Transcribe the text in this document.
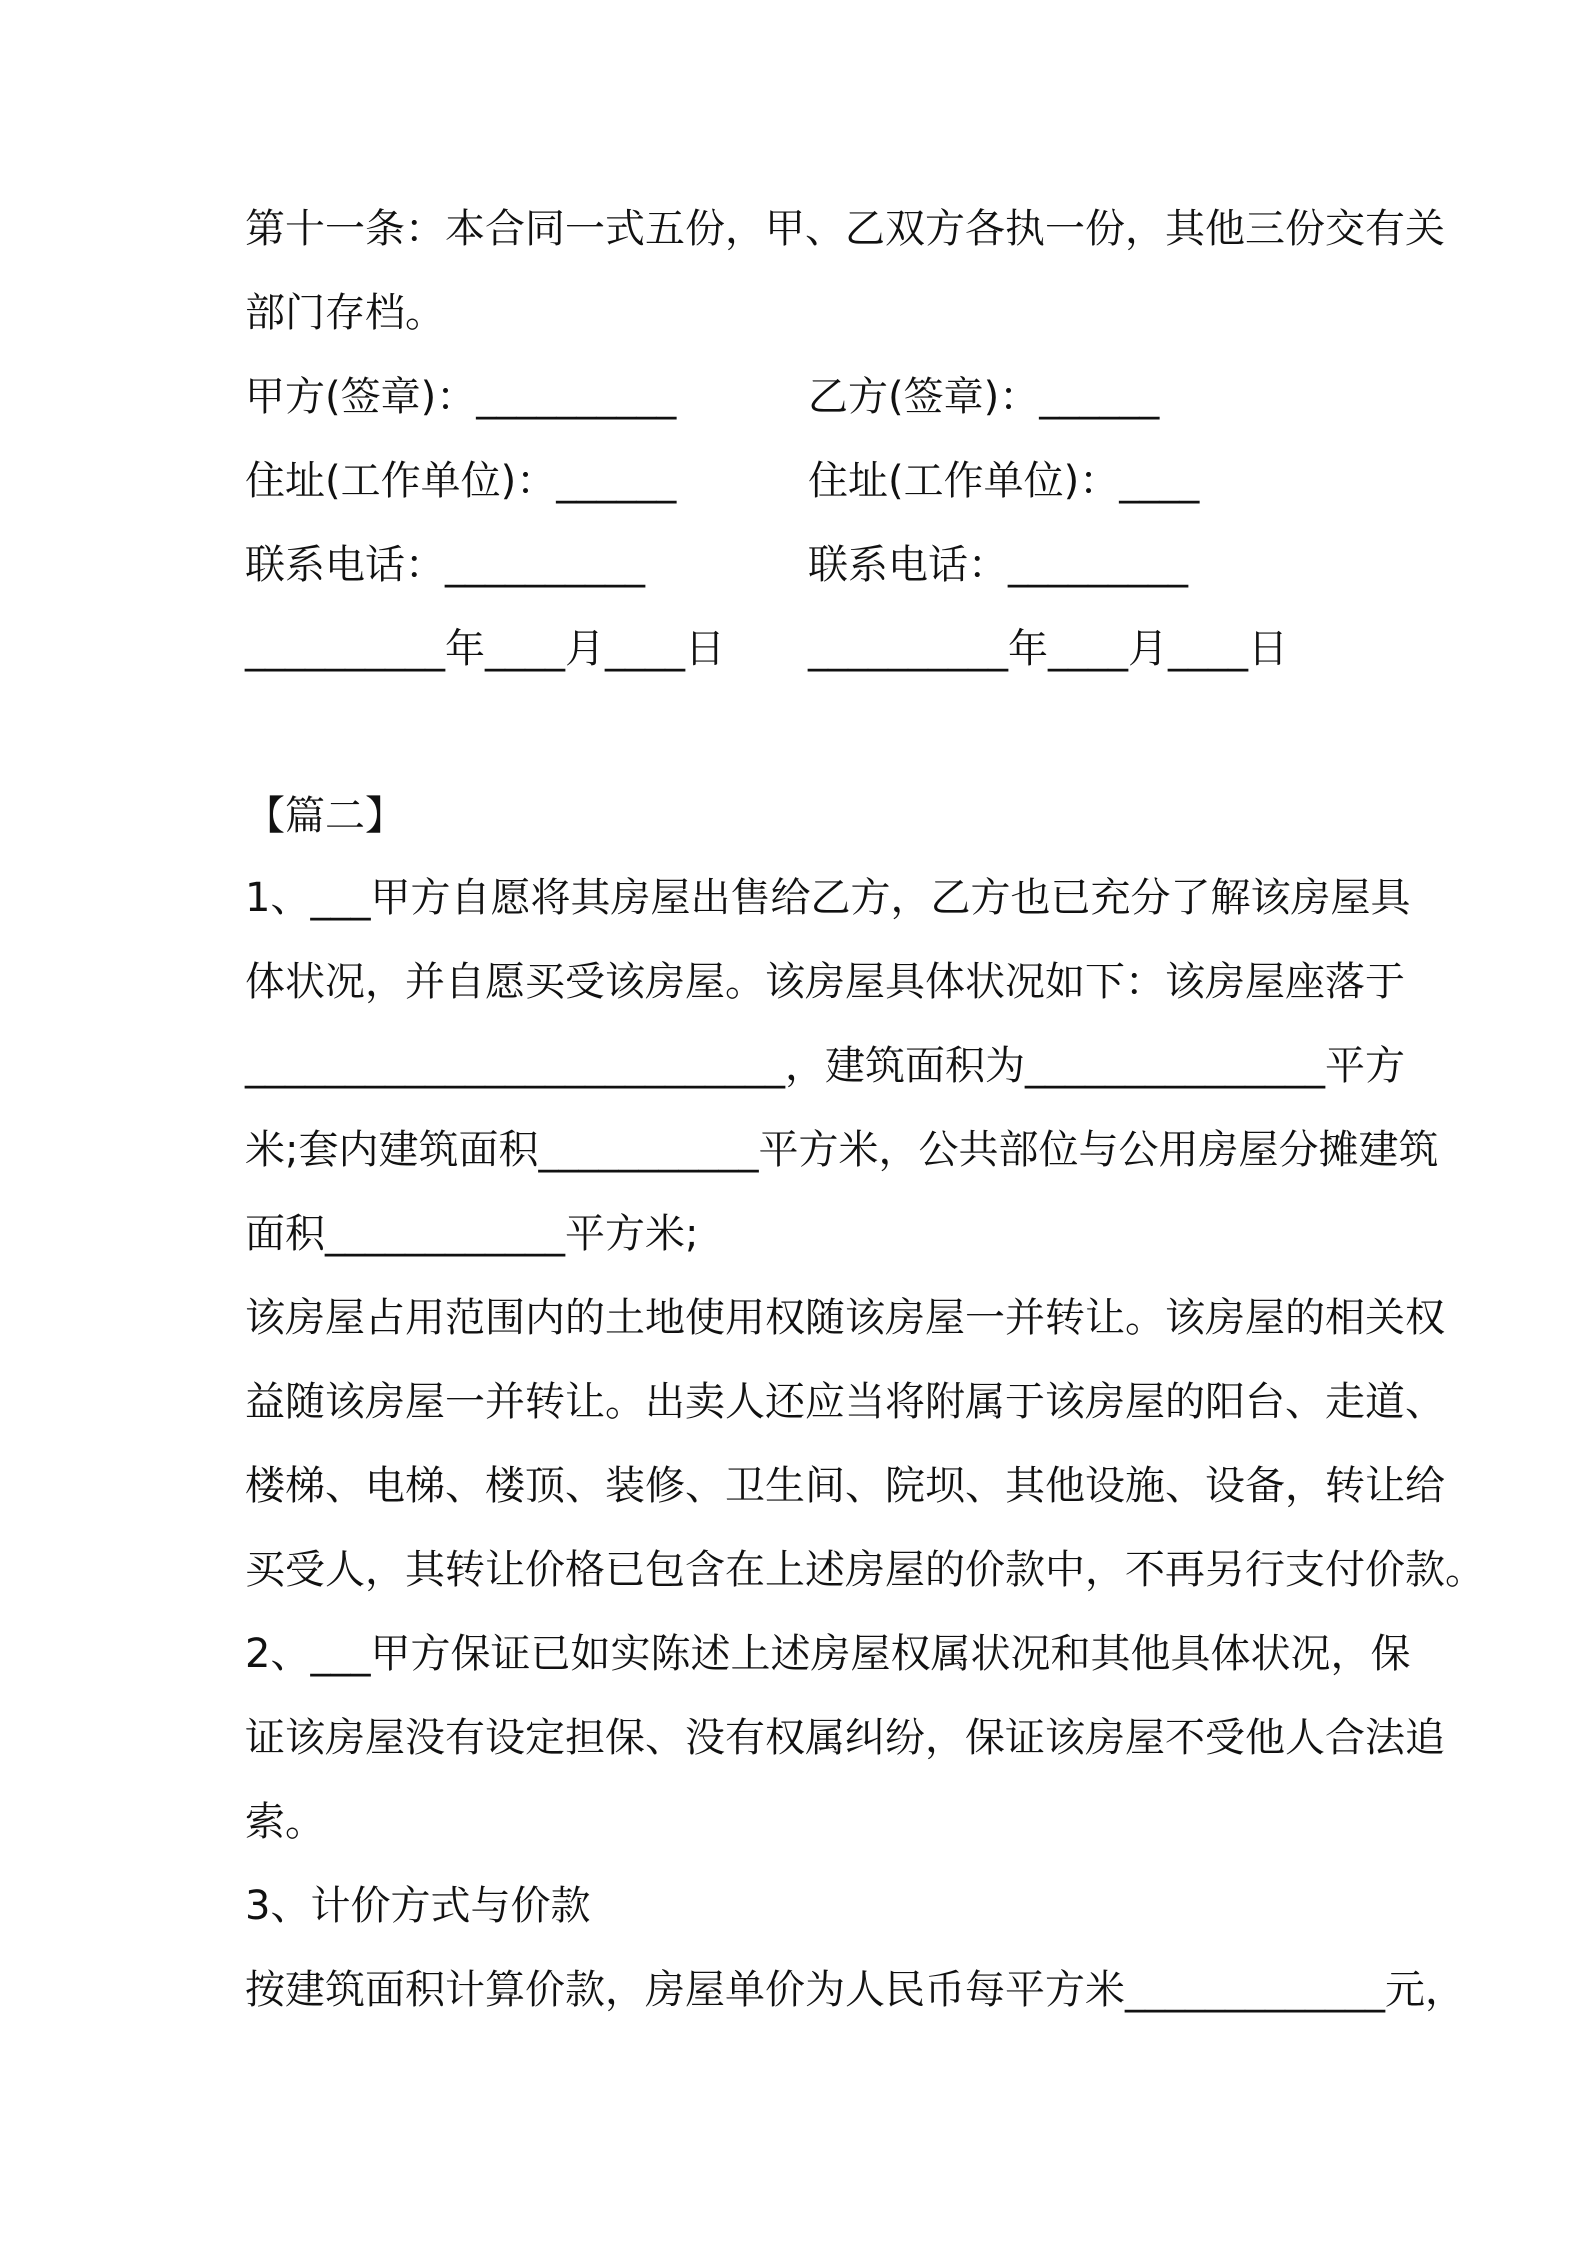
第十一条：本合同一式五份，甲、乙双方各执一份，其他三份交有关
部门存档。
甲方(签章)：__________	乙方(签章)：______
住址(工作单位)：______	住址(工作单位)：____
联系电话：__________	联系电话：_________
__________年____月____日 __________年____月____日
【篇二】
1、___甲方自愿将其房屋出售给乙方，乙方也已充分了解该房屋具
体状况，并自愿买受该房屋。该房屋具体状况如下：该房屋座落于
___________________________，建筑面积为_______________平方
米;套内建筑面积___________平方米，公共部位与公用房屋分摊建筑
面积____________平方米;
该房屋占用范围内的土地使用权随该房屋一并转让。该房屋的相关权
益随该房屋一并转让。出卖人还应当将附属于该房屋的阳台、走道、
楼梯、电梯、楼顶、装修、卫生间、院坝、其他设施、设备，转让给
买受人，其转让价格已包含在上述房屋的价款中，不再另行支付价款。
2、___甲方保证已如实陈述上述房屋权属状况和其他具体状况，保
证该房屋没有设定担保、没有权属纠纷，保证该房屋不受他人合法追
索。
3、计价方式与价款
按建筑面积计算价款，房屋单价为人民币每平方米_____________元，
